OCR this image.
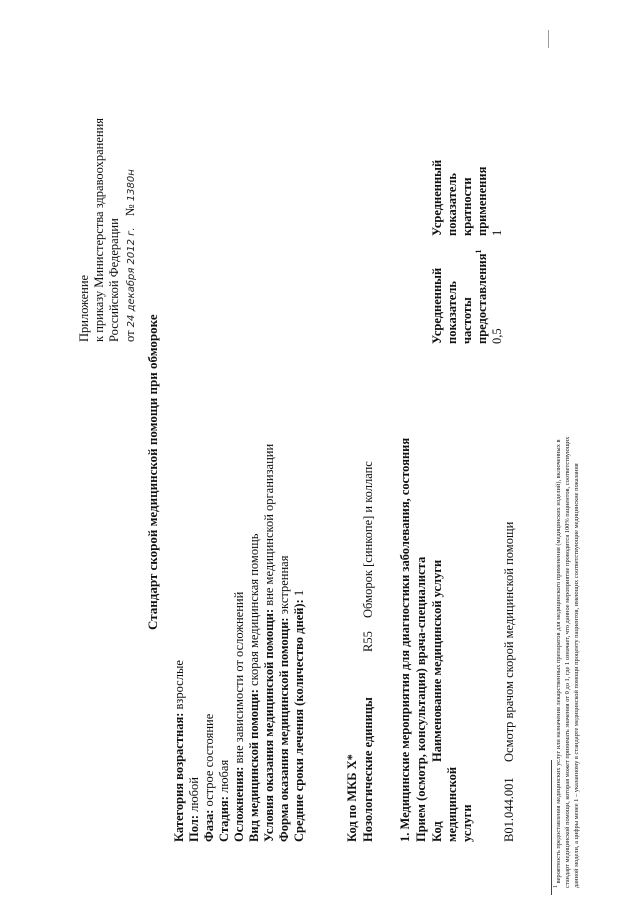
Приложение к приказу Министерства здравоохранения Российской Федерации от 24 декабря 2012 г. № 1380н
Стандарт скорой медицинской помощи при обмороке
Категория возрастная: взрослые
Пол: любой
Фаза: острое состояние
Стадия: любая Осложнения: вне зависимости от осложнений Вид медицинской помощи: скорая медицинская помощь Условия оказания медицинской помощи: вне медицинской организации
Форма оказания медицинской помощи: экстренная
Средние сроки лечения (количество дней): 1
Код по МКБ X* Нозологические единицы
R55
Обморок [синкопе] и коллапс 1. Медицинские мероприятия для диагностики заболевания, состояния Прием (осмотр, консультация) врача-специалиста Код медицинской услуги
Наименование медицинской услуги
Усредненный показатель частоты предоставления$^1$
Усредненный показатель кратности применения
B01.044.001
Осмотр врачом скорой медицинской помощи
0,5
1
1 вероятность предоставления медицинских услуг или назначения лекарственных препаратов для медицинского применения (медицинских изделий), включенных в стандарт медицинской помощи, которая может принимать значения от 0 до 1, где 1 означает, что данное мероприятие проводится 100% пациентов, соответствующих данной модели, а цифры менее 1 – указанному в стандарте медицинской помощи проценту пациентов, имеющих соответствующие медицинские показания
